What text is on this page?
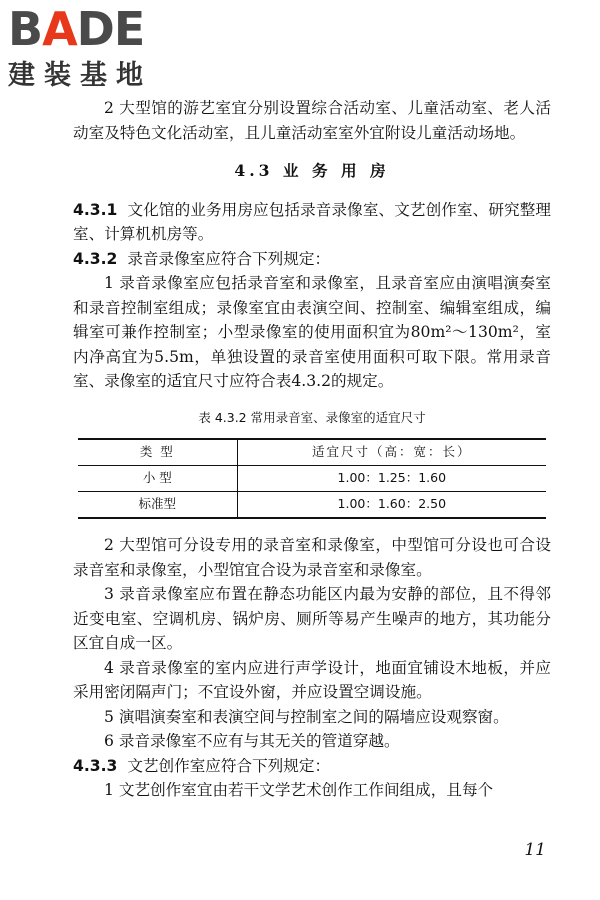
BADE
建装基地

2 大型馆的游艺室宜分别设置综合活动室、儿童活动室、老人活动室及特色文化活动室，且儿童活动室室外宜附设儿童活动场地。

4.3 业 务 用 房

4.3.1 文化馆的业务用房应包括录音录像室、文艺创作室、研究整理室、计算机机房等。

4.3.2 录音录像室应符合下列规定：

1 录音录像室应包括录音室和录像室，且录音室应由演唱演奏室和录音控制室组成；录像室宜由表演空间、控制室、编辑室组成，编辑室可兼作控制室；小型录像室的使用面积宜为80m²～130m²，室内净高宜为5.5m，单独设置的录音室使用面积可取下限。常用录音室、录像室的适宜尺寸应符合表4.3.2的规定。

表 4.3.2 常用录音室、录像室的适宜尺寸
类 型	适宜尺寸（高：宽：长）
小 型	1.00：1.25：1.60
标准型	1.00：1.60：2.50

2 大型馆可分设专用的录音室和录像室，中型馆可分设也可合设录音室和录像室，小型馆宜合设为录音室和录像室。

3 录音录像室应布置在静态功能区内最为安静的部位，且不得邻近变电室、空调机房、锅炉房、厕所等易产生噪声的地方，其功能分区宜自成一区。

4 录音录像室的室内应进行声学设计，地面宜铺设木地板，并应采用密闭隔声门；不宜设外窗，并应设置空调设施。

5 演唱演奏室和表演空间与控制室之间的隔墙应设观察窗。

6 录音录像室不应有与其无关的管道穿越。

4.3.3 文艺创作室应符合下列规定：

1 文艺创作室宜由若干文学艺术创作工作间组成，且每个

11
